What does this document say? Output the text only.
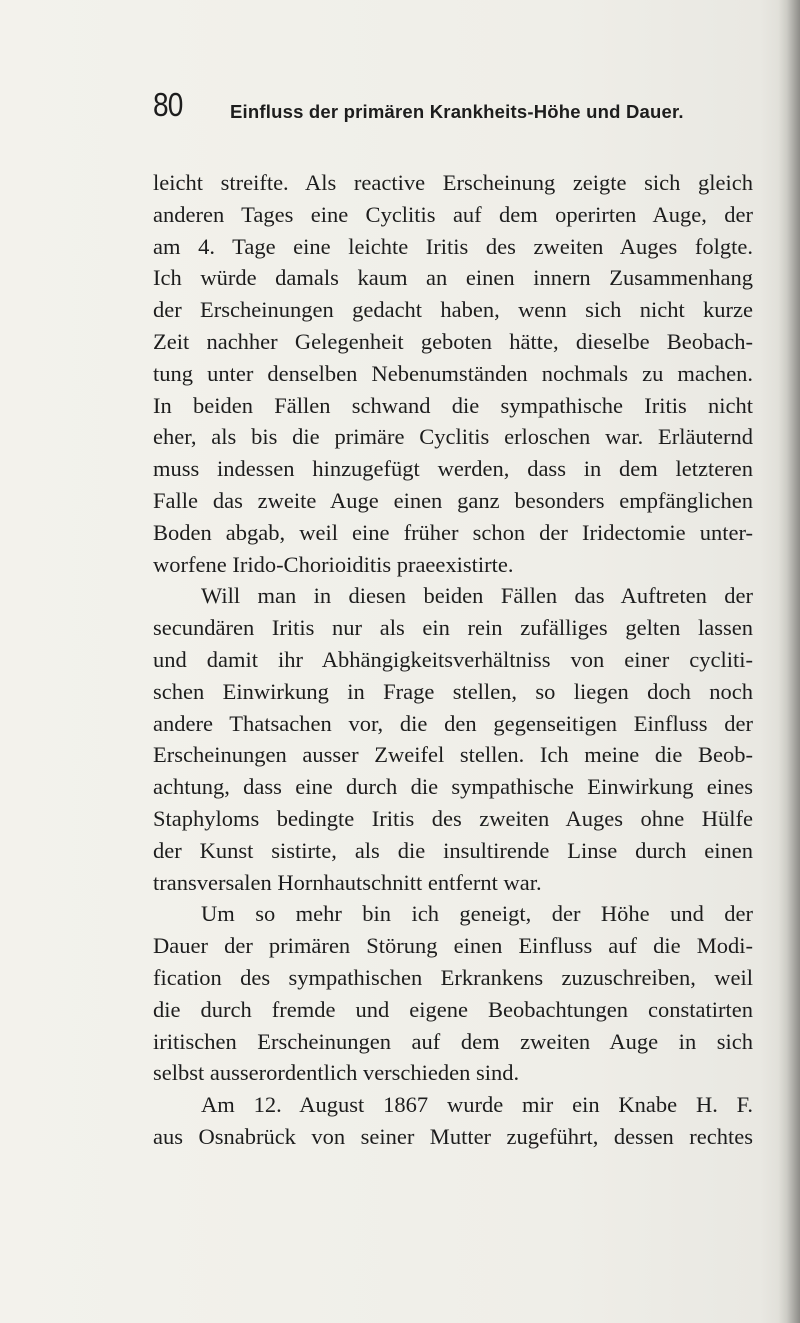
80	Einfluss der primären Krankheits-Höhe und Dauer.
leicht streifte. Als reactive Erscheinung zeigte sich gleich
anderen Tages eine Cyclitis auf dem operirten Auge, der
am 4. Tage eine leichte Iritis des zweiten Auges folgte.
Ich würde damals kaum an einen innern Zusammenhang
der Erscheinungen gedacht haben, wenn sich nicht kurze
Zeit nachher Gelegenheit geboten hätte, dieselbe Beobach-
tung unter denselben Nebenumständen nochmals zu machen.
In beiden Fällen schwand die sympathische Iritis nicht
eher, als bis die primäre Cyclitis erloschen war. Erläuternd
muss indessen hinzugefügt werden, dass in dem letzteren
Falle das zweite Auge einen ganz besonders empfänglichen
Boden abgab, weil eine früher schon der Iridectomie unter-
worfene Irido-Chorioiditis praeexistirte.
Will man in diesen beiden Fällen das Auftreten der
secundären Iritis nur als ein rein zufälliges gelten lassen
und damit ihr Abhängigkeitsverhältniss von einer cycliti-
schen Einwirkung in Frage stellen, so liegen doch noch
andere Thatsachen vor, die den gegenseitigen Einfluss der
Erscheinungen ausser Zweifel stellen. Ich meine die Beob-
achtung, dass eine durch die sympathische Einwirkung eines
Staphyloms bedingte Iritis des zweiten Auges ohne Hülfe
der Kunst sistirte, als die insultirende Linse durch einen
transversalen Hornhautschnitt entfernt war.
Um so mehr bin ich geneigt, der Höhe und der
Dauer der primären Störung einen Einfluss auf die Modi-
fication des sympathischen Erkrankens zuzuschreiben, weil
die durch fremde und eigene Beobachtungen constatirten
iritischen Erscheinungen auf dem zweiten Auge in sich
selbst ausserordentlich verschieden sind.
Am 12. August 1867 wurde mir ein Knabe H. F.
aus Osnabrück von seiner Mutter zugeführt, dessen rechtes
